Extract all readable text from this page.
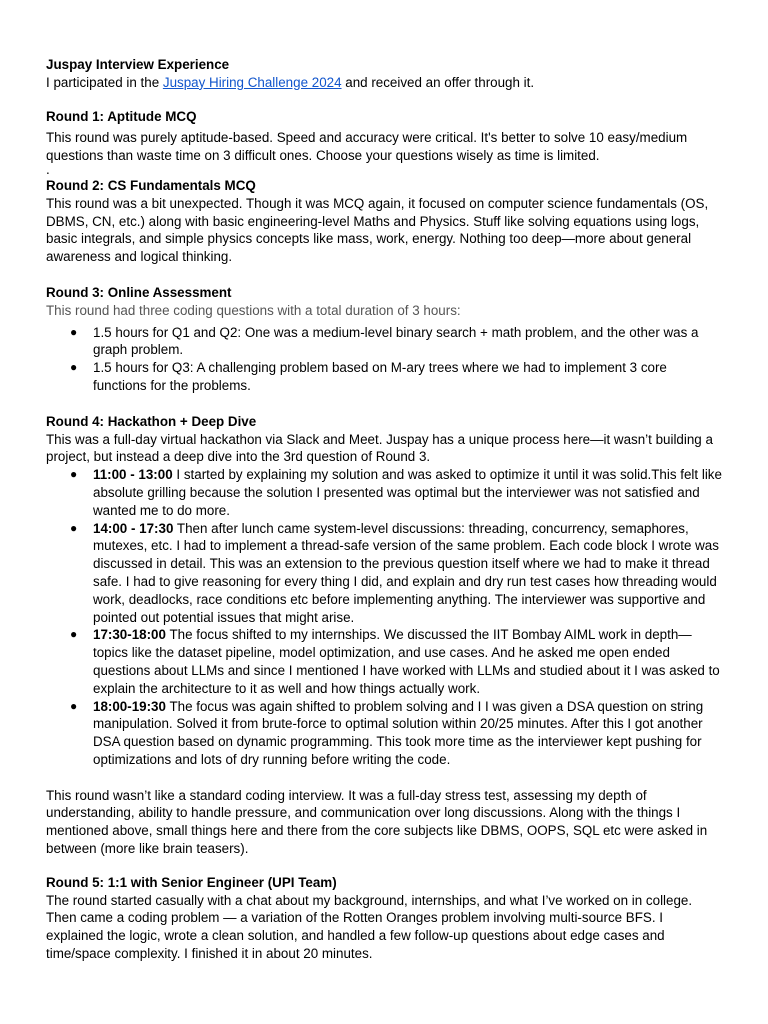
Juspay Interview Experience

I participated in the Juspay Hiring Challenge 2024 and received an offer through it.

Round 1: Aptitude MCQ

This round was purely aptitude-based. Speed and accuracy were critical. It's better to solve 10 easy/medium questions than waste time on 3 difficult ones. Choose your questions wisely as time is limited.

.

Round 2: CS Fundamentals MCQ

This round was a bit unexpected. Though it was MCQ again, it focused on computer science fundamentals (OS, DBMS, CN, etc.) along with basic engineering-level Maths and Physics. Stuff like solving equations using logs, basic integrals, and simple physics concepts like mass, work, energy. Nothing too deep—more about general awareness and logical thinking.

Round 3: Online Assessment

This round had three coding questions with a total duration of 3 hours:

● 1.5 hours for Q1 and Q2: One was a medium-level binary search + math problem, and the other was a graph problem.
● 1.5 hours for Q3: A challenging problem based on M-ary trees where we had to implement 3 core functions for the problems.
Round 4: Hackathon + Deep Dive

This was a full-day virtual hackathon via Slack and Meet. Juspay has a unique process here—it wasn’t building a project, but instead a deep dive into the 3rd question of Round 3.

● 11:00 - 13:00 I started by explaining my solution and was asked to optimize it until it was solid.This felt like absolute grilling because the solution I presented was optimal but the interviewer was not satisfied and wanted me to do more.
● 14:00 - 17:30 Then after lunch came system-level discussions: threading, concurrency, semaphores, mutexes, etc. I had to implement a thread-safe version of the same problem. Each code block I wrote was discussed in detail. This was an extension to the previous question itself where we had to make it thread safe. I had to give reasoning for every thing I did, and explain and dry run test cases how threading would work, deadlocks, race conditions etc before implementing anything. The interviewer was supportive and pointed out potential issues that might arise.
● 17:30-18:00 The focus shifted to my internships. We discussed the IIT Bombay AIML work in depth—topics like the dataset pipeline, model optimization, and use cases. And he asked me open ended questions about LLMs and since I mentioned I have worked with LLMs and studied about it I was asked to explain the architecture to it as well and how things actually work.
● 18:00-19:30 The focus was again shifted to problem solving and I I was given a DSA question on string manipulation. Solved it from brute-force to optimal solution within 20/25 minutes. After this I got another DSA question based on dynamic programming. This took more time as the interviewer kept pushing for optimizations and lots of dry running before writing the code.

This round wasn’t like a standard coding interview. It was a full-day stress test, assessing my depth of understanding, ability to handle pressure, and communication over long discussions. Along with the things I mentioned above, small things here and there from the core subjects like DBMS, OOPS, SQL etc were asked in between (more like brain teasers).

Round 5: 1:1 with Senior Engineer (UPI Team)

The round started casually with a chat about my background, internships, and what I’ve worked on in college. Then came a coding problem — a variation of the Rotten Oranges problem involving multi-source BFS. I explained the logic, wrote a clean solution, and handled a few follow-up questions about edge cases and time/space complexity. I finished it in about 20 minutes.
